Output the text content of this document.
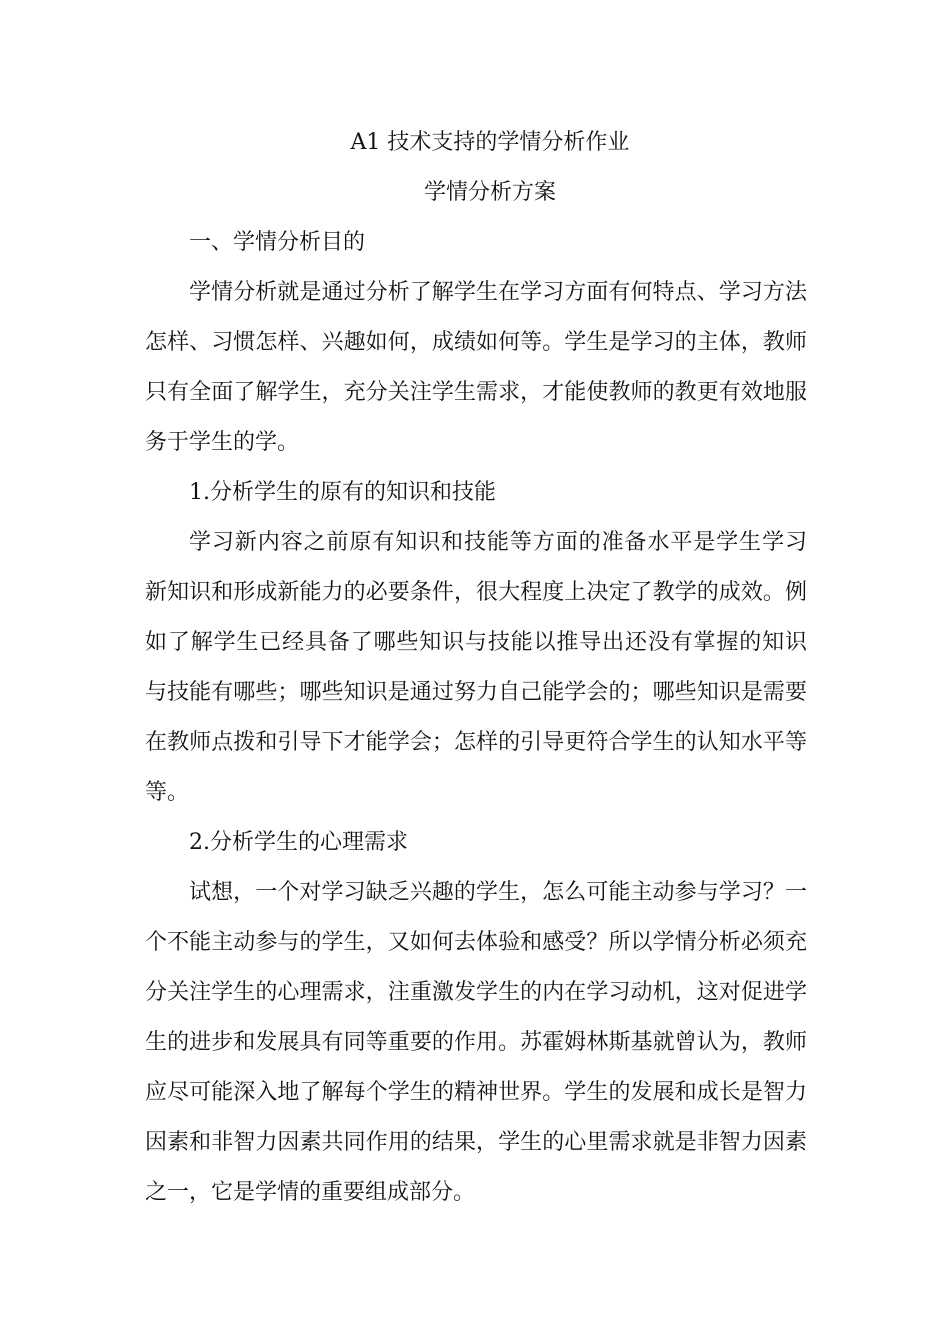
A1 技术支持的学情分析作业
学情分析方案
一、学情分析目的
学情分析就是通过分析了解学生在学习方面有何特点、学习方法
怎样、习惯怎样、兴趣如何，成绩如何等。学生是学习的主体，教师
只有全面了解学生，充分关注学生需求，才能使教师的教更有效地服
务于学生的学。
1.分析学生的原有的知识和技能
学习新内容之前原有知识和技能等方面的准备水平是学生学习
新知识和形成新能力的必要条件，很大程度上决定了教学的成效。例
如了解学生已经具备了哪些知识与技能以推导出还没有掌握的知识
与技能有哪些；哪些知识是通过努力自己能学会的；哪些知识是需要
在教师点拨和引导下才能学会；怎样的引导更符合学生的认知水平等
等。
2.分析学生的心理需求
试想，一个对学习缺乏兴趣的学生，怎么可能主动参与学习？一
个不能主动参与的学生，又如何去体验和感受？所以学情分析必须充
分关注学生的心理需求，注重激发学生的内在学习动机，这对促进学
生的进步和发展具有同等重要的作用。苏霍姆林斯基就曾认为，教师
应尽可能深入地了解每个学生的精神世界。学生的发展和成长是智力
因素和非智力因素共同作用的结果，学生的心里需求就是非智力因素
之一，它是学情的重要组成部分。
